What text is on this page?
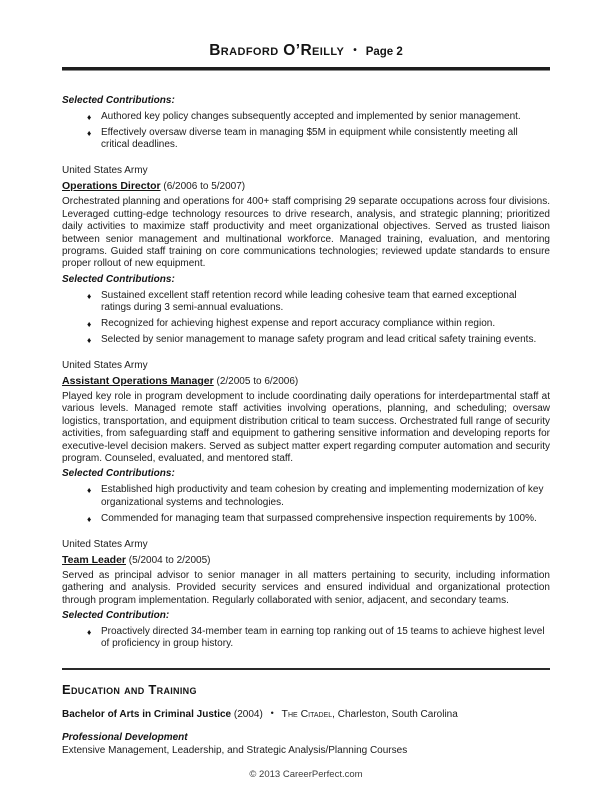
Bradford O’Reilly • Page 2

Selected Contributions:

♦ Authored key policy changes subsequently accepted and implemented by senior management.
♦ Effectively oversaw diverse team in managing $5M in equipment while consistently meeting all critical deadlines.
United States Army
Operations Director (6/2006 to 5/2007)

Orchestrated planning and operations for 400+ staff comprising 29 separate occupations across four divisions. Leveraged cutting-edge technology resources to drive research, analysis, and strategic planning; prioritized daily activities to maximize staff productivity and meet organizational objectives. Served as trusted liaison between senior management and multinational workforce. Managed training, evaluation, and mentoring programs. Guided staff training on core communications technologies; reviewed update standards to ensure proper rollout of new equipment.

Selected Contributions:

♦ Sustained excellent staff retention record while leading cohesive team that earned exceptional ratings during 3 semi-annual evaluations.
♦ Recognized for achieving highest expense and report accuracy compliance within region.
♦ Selected by senior management to manage safety program and lead critical safety training events.
United States Army
Assistant Operations Manager (2/2005 to 6/2006)

Played key role in program development to include coordinating daily operations for interdepartmental staff at various levels. Managed remote staff activities involving operations, planning, and scheduling; oversaw logistics, transportation, and equipment distribution critical to team success. Orchestrated full range of security activities, from safeguarding staff and equipment to gathering sensitive information and developing reports for executive-level decision makers. Served as subject matter expert regarding computer automation and security program. Counseled, evaluated, and mentored staff.

Selected Contributions:

♦ Established high productivity and team cohesion by creating and implementing modernization of key organizational systems and technologies.
♦ Commended for managing team that surpassed comprehensive inspection requirements by 100%.
United States Army
Team Leader (5/2004 to 2/2005)

Served as principal advisor to senior manager in all matters pertaining to security, including information gathering and analysis. Provided security services and ensured individual and organizational protection through program implementation. Regularly collaborated with senior, adjacent, and secondary teams.

Selected Contribution:

♦ Proactively directed 34-member team in earning top ranking out of 15 teams to achieve highest level of proficiency in group history.
Education and Training

Bachelor of Arts in Criminal Justice (2004) • The Citadel, Charleston, South Carolina

Professional Development

Extensive Management, Leadership, and Strategic Analysis/Planning Courses

© 2013 CareerPerfect.com
